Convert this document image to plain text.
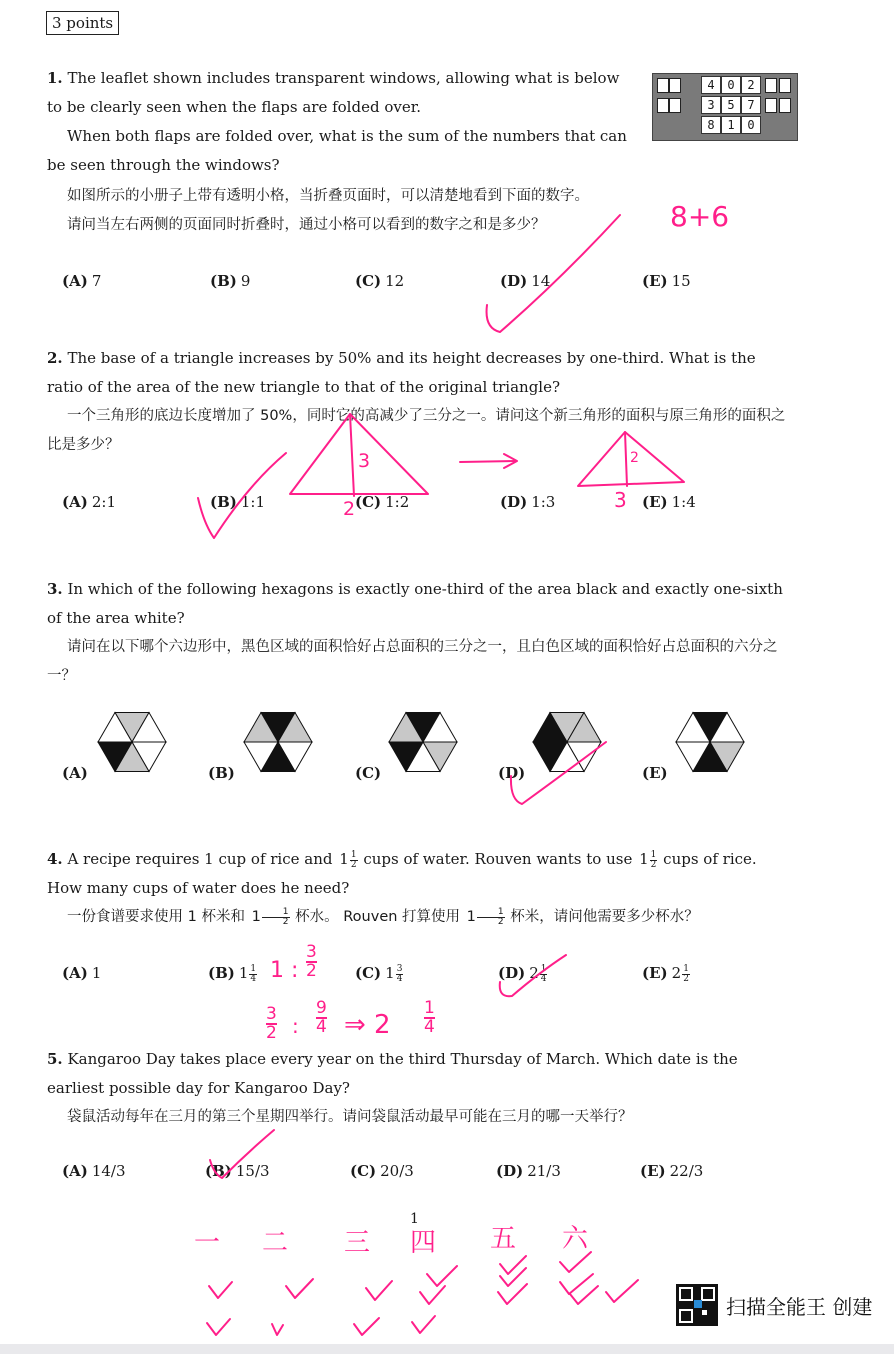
3 points

1. The leaflet shown includes transparent windows, allowing what is below to be clearly seen when the flaps are folded over.

When both flaps are folded over, what is the sum of the numbers that can be seen through the windows?

如图所示的小册子上带有透明小格，当折叠页面时，可以清楚地看到下面的数字。

请问当左右两侧的页面同时折叠时，通过小格可以看到的数字之和是多少？

4	0	2
3	5	7
8	1	0
(A) 7	(B) 9	(C) 12	(D) 14	(E) 15

2. The base of a triangle increases by 50% and its height decreases by one-third. What is the ratio of the area of the new triangle to that of the original triangle?

一个三角形的底边长度增加了 50%，同时它的高减少了三分之一。请问这个新三角形的面积与原三角形的面积之比是多少？

(A) 2:1	(B) 1:1	(C) 1:2	(D) 1:3	(E) 1:4

3. In which of the following hexagons is exactly one-third of the area black and exactly one-sixth of the area white?

请问在以下哪个六边形中，黑色区域的面积恰好占总面积的三分之一，且白色区域的面积恰好占总面积的六分之一？

(A)	(B)	(C)	(D)	(E)

4. A recipe requires 1 cup of rice and $1 \frac{1}{2}$ cups of water. Rouven wants to use $1 \frac{1}{2}$ cups of rice. How many cups of water does he need?

一份食谱要求使用 1 杯米和 $1 \frac{1}{2}$ 杯水。 Rouven 打算使用 $1 \frac{1}{2}$ 杯米，请问他需要多少杯水？

(A) 1	(B) $1 \frac{1}{4}$	(C) $1 \frac{3}{4}$	(D) $2 \frac{1}{4}$	(E) $2 \frac{1}{2}$

5. Kangaroo Day takes place every year on the third Thursday of March. Which date is the earliest possible day for Kangaroo Day?

袋鼠活动每年在三月的第三个星期四举行。请问袋鼠活动最早可能在三月的哪一天举行？

(A) 14/3	(B) 15/3	(C) 20/3	(D) 21/3	(E) 22/3
1
8+6
3
2
2
3
1 :
3
2
3
2 :
9
4 ⇒ 2
1
4
一 二 三 四 五 六
扫描全能王 创建
